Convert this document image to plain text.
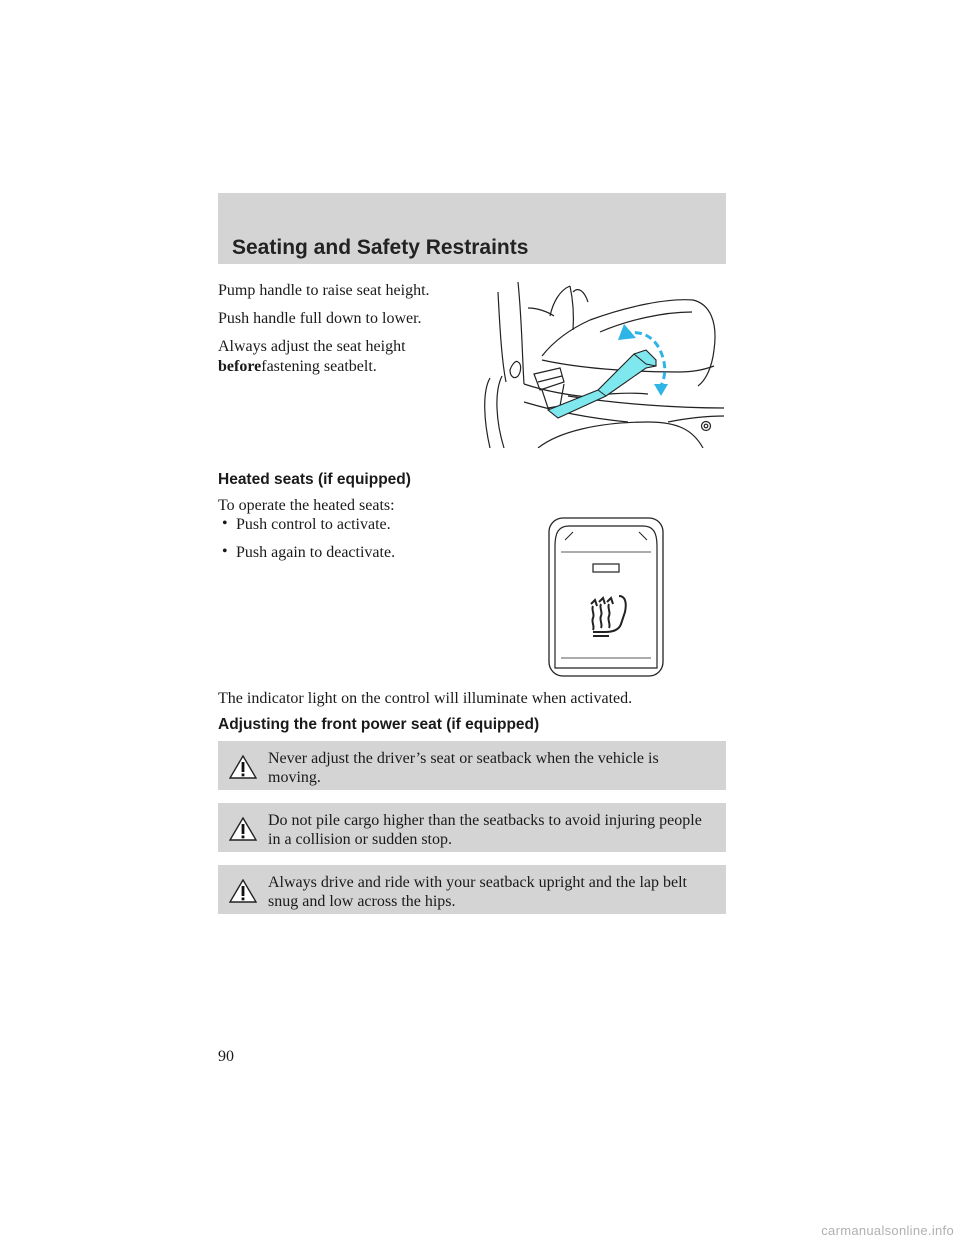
Seating and Safety Restraints
Pump handle to raise seat height.
Push handle full down to lower.
Always adjust the seat height
beforefastening seatbelt.
Heated seats (if equipped)
To operate the heated seats:
• Push control to activate.
• Push again to deactivate.
The indicator light on the control will illuminate when activated.
Adjusting the front power seat (if equipped)
Never adjust the driver’s seat or seatback when the vehicle is moving.
Do not pile cargo higher than the seatbacks to avoid injuring people in a collision or sudden stop.
Always drive and ride with your seatback upright and the lap belt snug and low across the hips.
90
carmanualsonline.info
